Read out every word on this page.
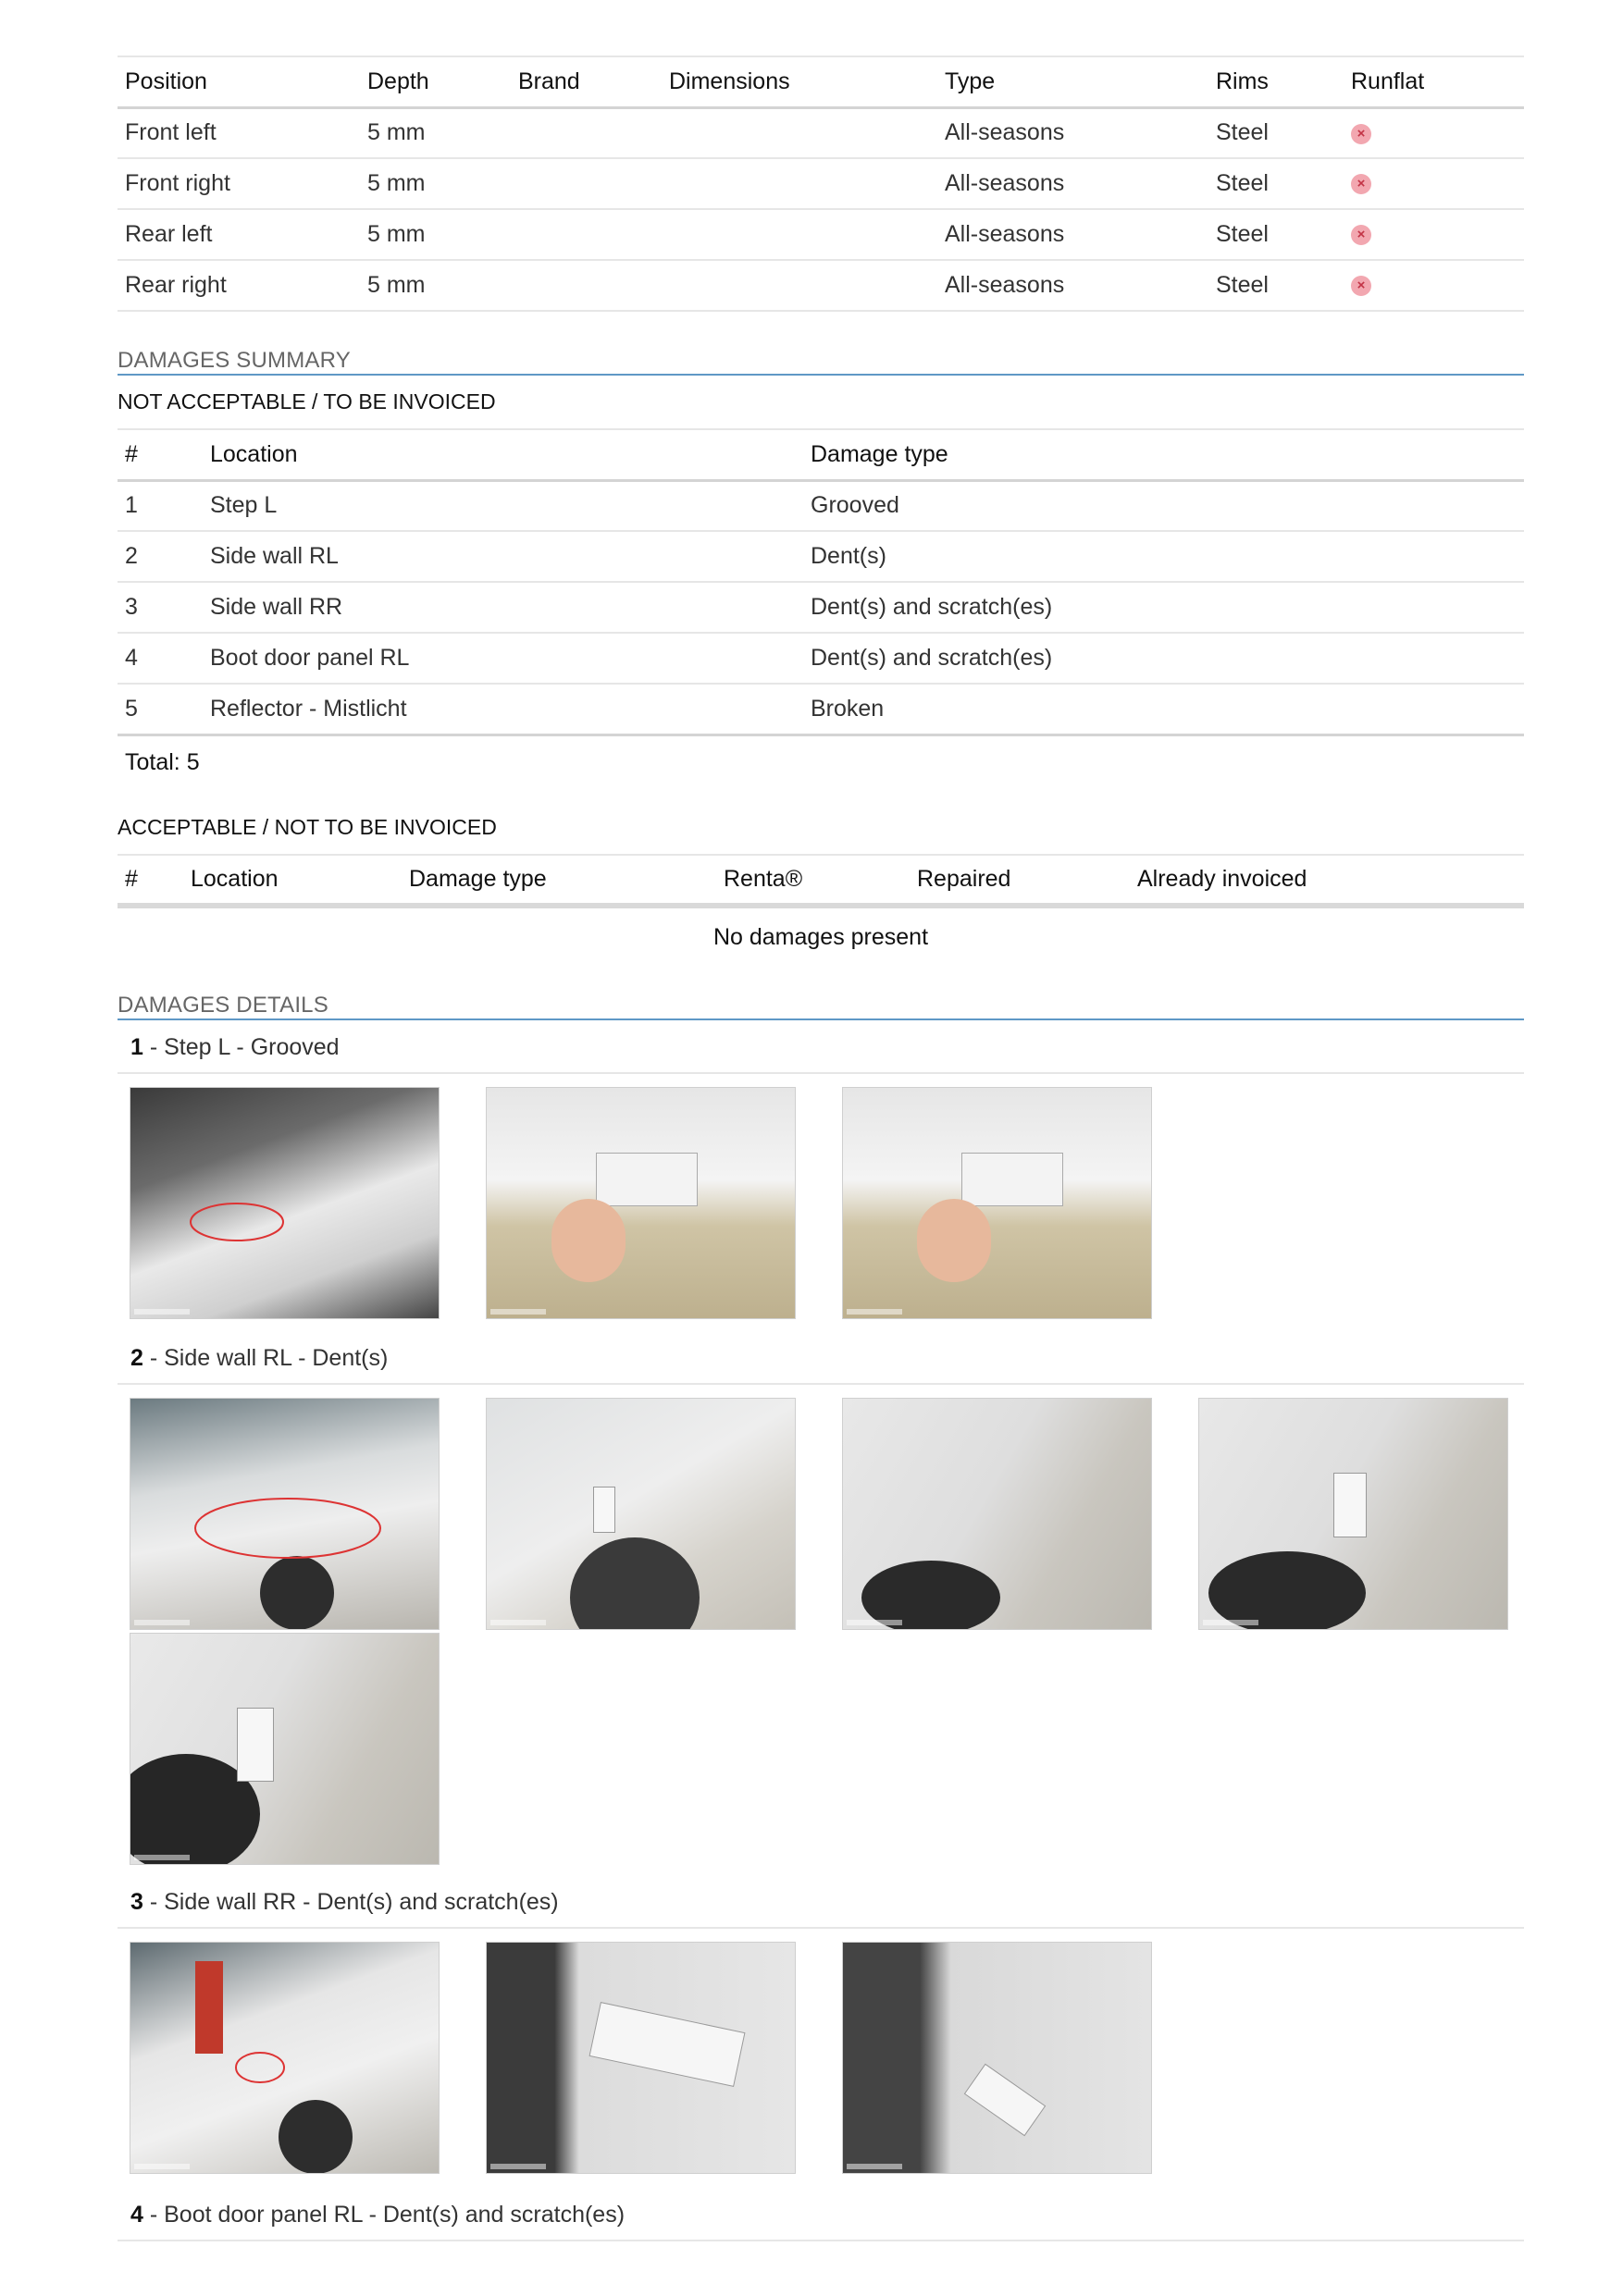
Position	Depth	Brand	Dimensions	Type	Rims	Runflat
Front left	5 mm			All-seasons	Steel	×
Front right	5 mm			All-seasons	Steel	×
Rear left	5 mm			All-seasons	Steel	×
Rear right	5 mm			All-seasons	Steel	×
DAMAGES SUMMARY
NOT ACCEPTABLE / TO BE INVOICED
#	Location	Damage type
1	Step L	Grooved
2	Side wall RL	Dent(s)
3	Side wall RR	Dent(s) and scratch(es)
4	Boot door panel RL	Dent(s) and scratch(es)
5	Reflector - Mistlicht	Broken
Total: 5
ACCEPTABLE / NOT TO BE INVOICED
#	Location	Damage type	Renta®	Repaired	Already invoiced
No damages present
DAMAGES DETAILS
1 - Step L - Grooved
2 - Side wall RL - Dent(s)
3 - Side wall RR - Dent(s) and scratch(es)
4 - Boot door panel RL - Dent(s) and scratch(es)
